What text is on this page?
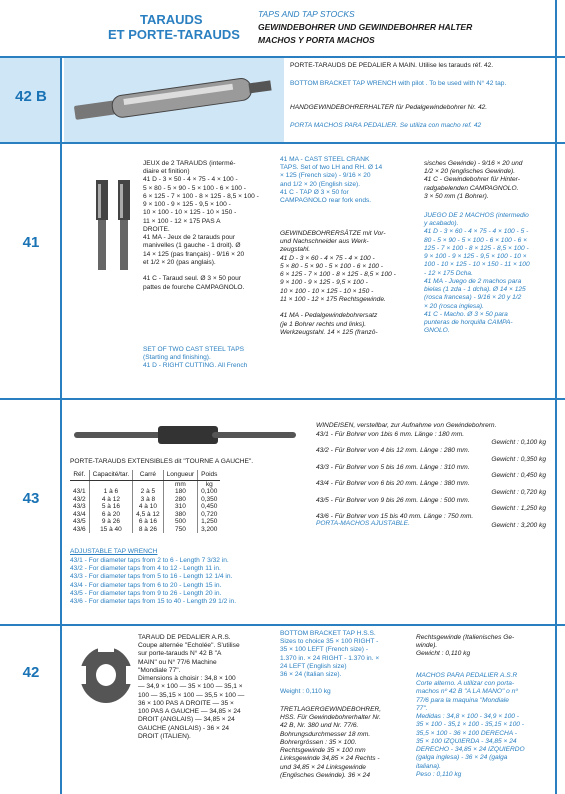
TARAUDS
ET PORTE-TARAUDS
TAPS AND TAP STOCKS
GEWINDEBOHRER UND GEWINDEBOHRER HALTER
MACHOS Y PORTA MACHOS
42 B
PORTE-TARAUDS DE PEDALIER A MAIN. Utilise les tarauds réf. 42.
BOTTOM BRACKET TAP WRENCH with pilot . To be used with N° 42 tap.
HANDGEWINDEBOHRERHALTER für Pedalgewindebohrer Nr. 42.
PORTA MACHOS PARA PEDALIER. Se utiliza con macho ref. 42
41
JEUX de 2 TARAUDS (intermé-
diaire et finition)
41 D - 3 × 50 - 4 × 75 - 4 × 100 -
5 × 80 - 5 × 90 - 5 × 100 - 6 × 100 -
6 × 125 - 7 × 100 - 8 × 125 - 8,5 × 100 -
9 × 100 - 9 × 125 - 9,5 × 100 -
10 × 100 - 10 × 125 - 10 × 150 -
11 × 100 - 12 × 175 PAS A
DROITE.
41 MA - Jeux de 2 tarauds pour
manivelles (1 gauche - 1 droit). Ø
14 × 125 (pas français) - 9/16 × 20
et 1/2 × 20 (pas anglais).

41 C - Taraud seul. Ø 3 × 50 pour
pattes de fourche CAMPAGNOLO.
SET OF TWO CAST STEEL TAPS
(Starting and finishing).
41 D - RIGHT CUTTING. All French
41 MA - CAST STEEL CRANK
TAPS. Set of two LH and RH. Ø 14
× 125 (French size) - 9/16 × 20
and 1/2 × 20 (English size).
41 C - TAP Ø 3 × 50 for
CAMPAGNOLO rear fork ends.
GEWINDEBOHRERSÄTZE mit Vor-
und Nachschneider aus Werk-
zeugstahl.
41 D - 3 × 60 - 4 × 75 - 4 × 100 -
5 × 80 - 5 × 90 - 5 × 100 - 6 × 100 -
6 × 125 - 7 × 100 - 8 × 125 - 8,5 × 100 -
9 × 100 - 9 × 125 - 9,5 × 100 -
10 × 100 - 10 × 125 - 10 × 150 -
11 × 100 - 12 × 175 Rechtsgewinde.

41 MA - Pedalgewindebohrersatz
(je 1 Bohrer rechts und links).
Werkzeugstahl. 14 × 125 (franzö-
sisches Gewinde) - 9/16 × 20 und
1/2 × 20 (englisches Gewinde).
41 C - Gewindebohrer für Hinter-
radgabelenden CAMPAGNOLO.
3 × 50 mm (1 Bohrer).
JUEGO DE 2 MACHOS (intermedio
y acabado).
41 D - 3 × 60 - 4 × 75 - 4 × 100 - 5 -
80 - 5 × 90 - 5 × 100 - 6 × 100 - 6 ×
125 - 7 × 100 - 8 × 125 - 8,5 × 100 -
9 × 100 - 9 × 125 - 9,5 × 100 - 10 ×
100 - 10 × 125 - 10 × 150 - 11 × 100
- 12 × 175 Dcha.
41 MA - Juego de 2 machos para
bielas (1 zda - 1 dcha). Ø 14 × 125
(rosca francesa) - 9/16 × 20 y 1/2
× 20 (rosca inglesa).
41 C - Macho. Ø 3 × 50 para
punteras de horquilla CAMPA-
GNOLO.
43
PORTE-TARAUDS EXTENSIBLES dit "TOURNE A GAUCHE".
Réf.	Capacité/tar.	Carré	Longueur	Poids
			mm	kg
43/1	1 à 6	2 à 5	180	0,100
43/2	4 à 12	3 à 8	280	0,350
43/3	5 à 16	4 à 10	310	0,450
43/4	6 à 20	4,5 à 12	380	0,720
43/5	9 à 26	6 à 16	500	1,250
43/6	15 à 40	8 à 26	750	3,200
ADJUSTABLE TAP WRENCH
43/1 - For diameter taps from 2 to 6 - Length 7 3/32 in.
43/2 - For diameter taps from 4 to 12 - Length 11 in.
43/3 - For diameter taps from 5 to 16 - Length 12 1/4 in.
43/4 - For diameter taps from 6 to 20 - Length 15 in.
43/5 - For diameter taps from 9 to 26 - Length 20 in.
43/6 - For diameter taps from 15 to 40 - Length 29 1/2 in.
WINDEISEN, verstellbar, zur Aufnahme von Gewindebohrern.
43/1 - Für Bohrer von 1bis 6 mm. Länge : 180 mm.
Gewicht : 0,100 kg
43/2 - Für Bohrer von 4 bis 12 mm. Länge : 280 mm.
Gewicht : 0,350 kg
43/3 - Für Bohrer von 5 bis 16 mm. Länge : 310 mm.
Gewicht : 0,450 kg
43/4 - Für Bohrer von 6 bis 20 mm. Länge : 380 mm.
Gewicht : 0,720 kg
43/5 - Für Bohrer von 9 bis 26 mm. Länge : 500 mm.
Gewicht : 1,250 kg
43/6 - Für Bohrer von 15 bis 40 mm. Länge : 750 mm.
Gewicht : 3,200 kg
PORTA-MACHOS AJUSTABLE.
42
TARAUD DE PEDALIER A.R.S.
Coupe alternée "Echolée". S'utilise
sur porte-tarauds N° 42 B "A
MAIN" ou N° 77/6 Machine
"Mondiale 77".
Dimensions à choisir : 34,8 × 100
— 34,9 × 100 — 35 × 100 — 35,1 ×
100 — 35,15 × 100 — 35,5 × 100 —
36 × 100 PAS A DROITE — 35 ×
100 PAS A GAUCHE — 34,85 × 24
DROIT (ANGLAIS) — 34,85 × 24
GAUCHE (ANGLAIS) - 36 × 24
DROIT (ITALIEN).
BOTTOM BRACKET TAP H.S.S.
Sizes to choice 35 × 100 RIGHT -
35 × 100 LEFT (French size) -
1.370 in. × 24 RIGHT - 1.370 in. ×
24 LEFT (English size)
36 × 24 (Italian size).

Weight : 0,110 kg
TRETLAGERGEWINDEBOHRER,
HSS. Für Gewindebohrerhalter Nr.
42 B, Nr. 380 und Nr. 77/6.
Bohrungsdurchmesser 18 mm.
Bohrergrössen : 35 × 100.
Rechtsgewinde 35 × 100 mm
Linksgewinde 34,85 × 24 Rechts -
und 34,85 × 24 Linksgewinde
(Englisches Gewinde). 36 × 24
Rechtsgewinde (Italienisches Ge-
winde).
Gewicht : 0,110 kg
MACHOS PARA PEDALIER A.S.R
Corte alterno. A utilizar con porta-
machos nº 42 B "A LA MANO" o nº
77/6 para la maquina "Mondiale
77".
Medidas : 34,8 × 100 - 34,9 × 100 -
35 × 100 - 35,1 × 100 - 35,15 × 100 -
35,5 × 100 - 36 × 100 DERECHA -
35 × 100 IZQUIERDA - 34,85 × 24
DERECHO - 34,85 × 24 IZQUIERDO
(galga inglesa) - 36 × 24 (galga
italiana).
Peso : 0,110 kg
